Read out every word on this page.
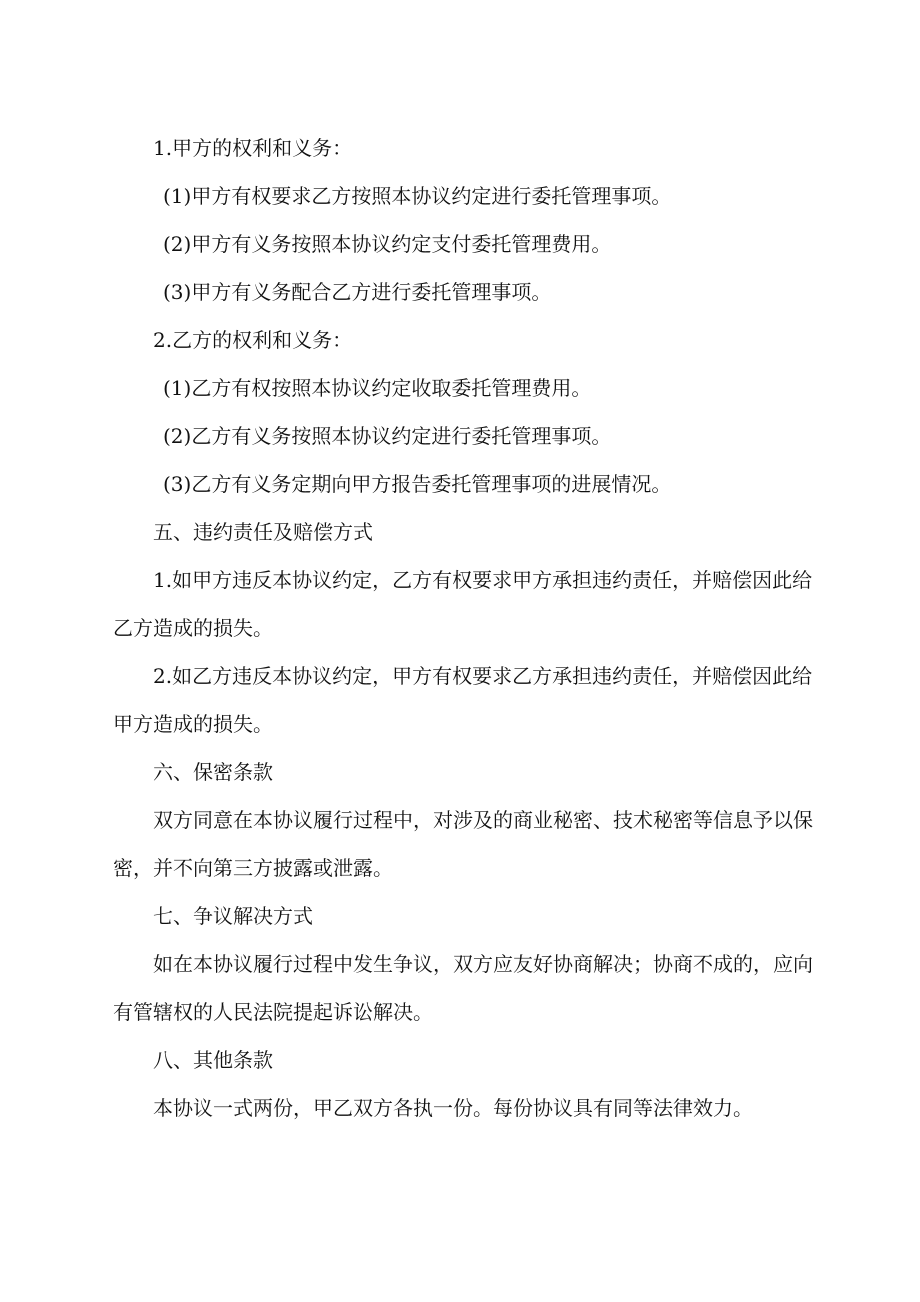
1.甲方的权利和义务：

(1)甲方有权要求乙方按照本协议约定进行委托管理事项。

(2)甲方有义务按照本协议约定支付委托管理费用。

(3)甲方有义务配合乙方进行委托管理事项。

2.乙方的权利和义务：

(1)乙方有权按照本协议约定收取委托管理费用。

(2)乙方有义务按照本协议约定进行委托管理事项。

(3)乙方有义务定期向甲方报告委托管理事项的进展情况。

五、违约责任及赔偿方式

1.如甲方违反本协议约定，乙方有权要求甲方承担违约责任，并赔偿因此给乙方造成的损失。

2.如乙方违反本协议约定，甲方有权要求乙方承担违约责任，并赔偿因此给甲方造成的损失。

六、保密条款

双方同意在本协议履行过程中，对涉及的商业秘密、技术秘密等信息予以保密，并不向第三方披露或泄露。

七、争议解决方式

如在本协议履行过程中发生争议，双方应友好协商解决；协商不成的，应向有管辖权的人民法院提起诉讼解决。

八、其他条款

本协议一式两份，甲乙双方各执一份。每份协议具有同等法律效力。
